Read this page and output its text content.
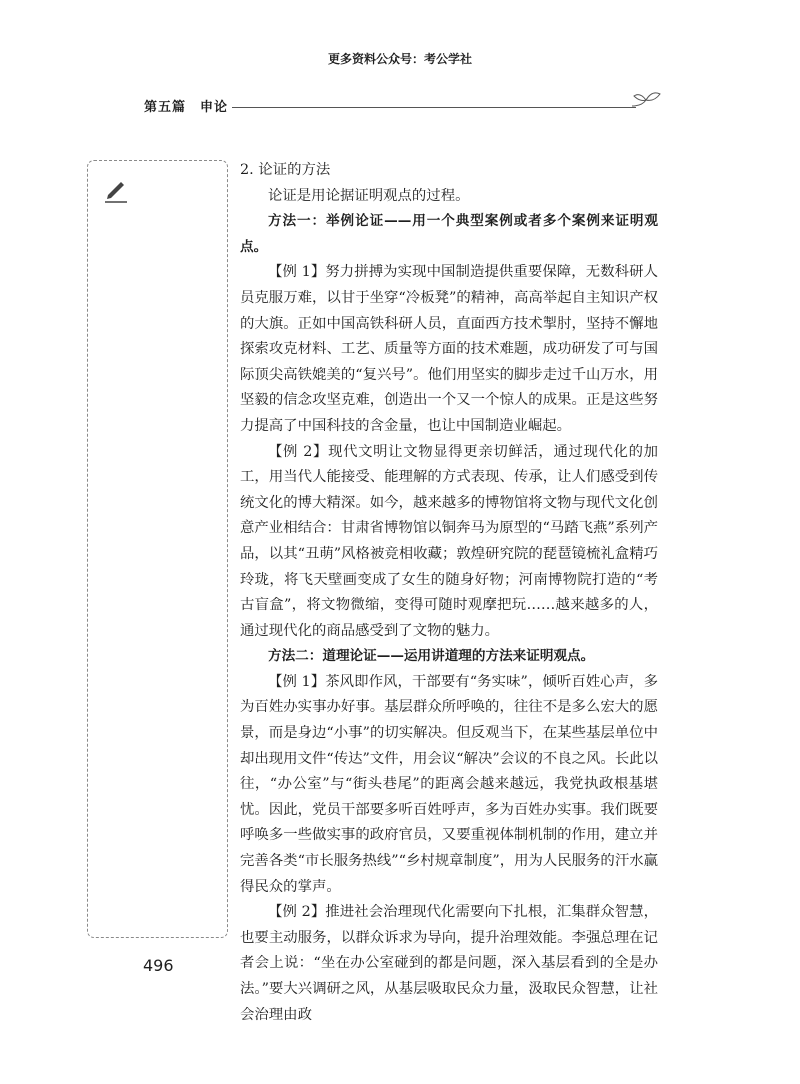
更多资料公众号：考公学社
第五篇　申论

2. 论证的方法

论证是用论据证明观点的过程。

方法一：举例论证——用一个典型案例或者多个案例来证明观点。

【例 1】努力拼搏为实现中国制造提供重要保障，无数科研人员克服万难，以甘于坐穿“冷板凳”的精神，高高举起自主知识产权的大旗。正如中国高铁科研人员，直面西方技术掣肘，坚持不懈地探索攻克材料、工艺、质量等方面的技术难题，成功研发了可与国际顶尖高铁媲美的“复兴号”。他们用坚实的脚步走过千山万水，用坚毅的信念攻坚克难，创造出一个又一个惊人的成果。正是这些努力提高了中国科技的含金量，也让中国制造业崛起。

【例 2】现代文明让文物显得更亲切鲜活，通过现代化的加工，用当代人能接受、能理解的方式表现、传承，让人们感受到传统文化的博大精深。如今，越来越多的博物馆将文物与现代文化创意产业相结合：甘肃省博物馆以铜奔马为原型的“马踏飞燕”系列产品，以其“丑萌”风格被竞相收藏；敦煌研究院的琵琶镜梳礼盒精巧玲珑，将飞天壁画变成了女生的随身好物；河南博物院打造的“考古盲盒”，将文物微缩，变得可随时观摩把玩……越来越多的人，通过现代化的商品感受到了文物的魅力。

方法二：道理论证——运用讲道理的方法来证明观点。

【例 1】茶风即作风，干部要有“务实味”，倾听百姓心声，多为百姓办实事办好事。基层群众所呼唤的，往往不是多么宏大的愿景，而是身边“小事”的切实解决。但反观当下，在某些基层单位中却出现用文件“传达”文件，用会议“解决”会议的不良之风。长此以往，“办公室”与“街头巷尾”的距离会越来越远，我党执政根基堪忧。因此，党员干部要多听百姓呼声，多为百姓办实事。我们既要呼唤多一些做实事的政府官员，又要重视体制机制的作用，建立并完善各类“市长服务热线”“乡村规章制度”，用为人民服务的汗水赢得民众的掌声。

【例 2】推进社会治理现代化需要向下扎根，汇集群众智慧，也要主动服务，以群众诉求为导向，提升治理效能。李强总理在记者会上说：“坐在办公室碰到的都是问题，深入基层看到的全是办法。”要大兴调研之风，从基层吸取民众力量，汲取民众智慧，让社会治理由政

496
